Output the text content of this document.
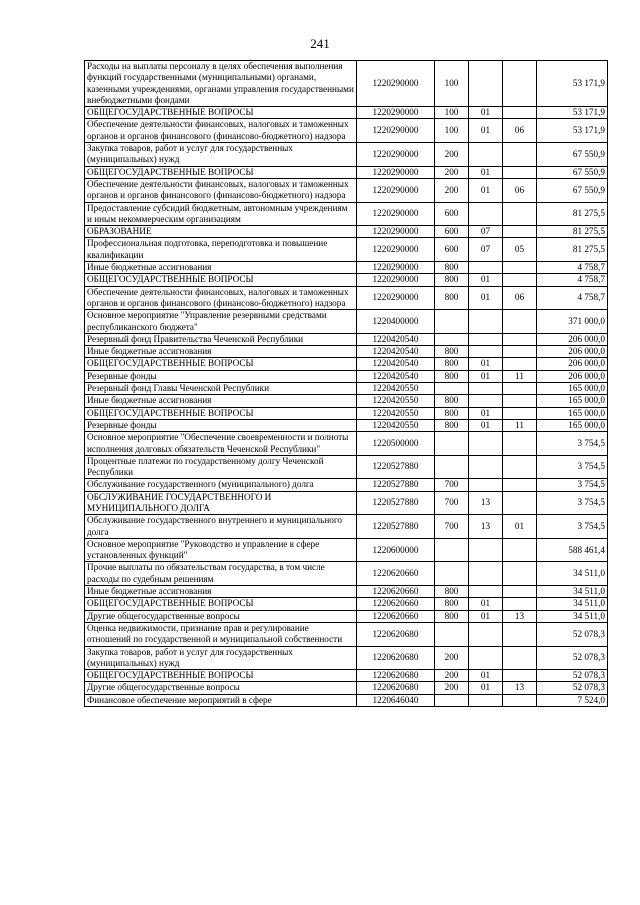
241
Расходы на выплаты персоналу в целях обеспечения выполнения функций государственными (муниципальными) органами, казенными учреждениями, органами управления государственными внебюджетными фондами	1220290000	100			53 171,9
ОБЩЕГОСУДАРСТВЕННЫЕ ВОПРОСЫ	1220290000	100	01		53 171,9
Обеспечение деятельности финансовых, налоговых и таможенных органов и органов финансового (финансово-бюджетного) надзора	1220290000	100	01	06	53 171,9
Закупка товаров, работ и услуг для государственных (муниципальных) нужд	1220290000	200			67 550,9
ОБЩЕГОСУДАРСТВЕННЫЕ ВОПРОСЫ	1220290000	200	01		67 550,9
Обеспечение деятельности финансовых, налоговых и таможенных органов и органов финансового (финансово-бюджетного) надзора	1220290000	200	01	06	67 550,9
Предоставление субсидий бюджетным, автономным учреждениям и иным некоммерческим организациям	1220290000	600			81 275,5
ОБРАЗОВАНИЕ	1220290000	600	07		81 275,5
Профессиональная подготовка, переподготовка и повышение квалификации	1220290000	600	07	05	81 275,5
Иные бюджетные ассигнования	1220290000	800			4 758,7
ОБЩЕГОСУДАРСТВЕННЫЕ ВОПРОСЫ	1220290000	800	01		4 758,7
Обеспечение деятельности финансовых, налоговых и таможенных органов и органов финансового (финансово-бюджетного) надзора	1220290000	800	01	06	4 758,7
Основное мероприятие "Управление резервными средствами республиканского бюджета"	1220400000				371 000,0
Резервный фонд Правительства Чеченской Республики	1220420540				206 000,0
Иные бюджетные ассигнования	1220420540	800			206 000,0
ОБЩЕГОСУДАРСТВЕННЫЕ ВОПРОСЫ	1220420540	800	01		206 000,0
Резервные фонды	1220420540	800	01	11	206 000,0
Резервный фонд Главы Чеченской Республики	1220420550				165 000,0
Иные бюджетные ассигнования	1220420550	800			165 000,0
ОБЩЕГОСУДАРСТВЕННЫЕ ВОПРОСЫ	1220420550	800	01		165 000,0
Резервные фонды	1220420550	800	01	11	165 000,0
Основное мероприятие "Обеспечение своевременности и полноты исполнения долговых обязательств Чеченской Республики"	1220500000				3 754,5
Процентные платежи по государственному долгу Чеченской Республики	1220527880				3 754,5
Обслуживание государственного (муниципального) долга	1220527880	700			3 754,5
ОБСЛУЖИВАНИЕ ГОСУДАРСТВЕННОГО И МУНИЦИПАЛЬНОГО ДОЛГА	1220527880	700	13		3 754,5
Обслуживание государственного внутреннего и муниципального долга	1220527880	700	13	01	3 754,5
Основное мероприятие "Руководство и управление в сфере установленных функций"	1220600000				588 461,4
Прочие выплаты по обязательствам государства, в том числе расходы по судебным решениям	1220620660				34 511,0
Иные бюджетные ассигнования	1220620660	800			34 511,0
ОБЩЕГОСУДАРСТВЕННЫЕ ВОПРОСЫ	1220620660	800	01		34 511,0
Другие общегосударственные вопросы	1220620660	800	01	13	34 511,0
Оценка недвижимости, признание прав и регулирование отношений по государственной и муниципальной собственности	1220620680				52 078,3
Закупка товаров, работ и услуг для государственных (муниципальных) нужд	1220620680	200			52 078,3
ОБЩЕГОСУДАРСТВЕННЫЕ ВОПРОСЫ	1220620680	200	01		52 078,3
Другие общегосударственные вопросы	1220620680	200	01	13	52 078,3
Финансовое обеспечение мероприятий в сфере	1220646040				7 524,0
